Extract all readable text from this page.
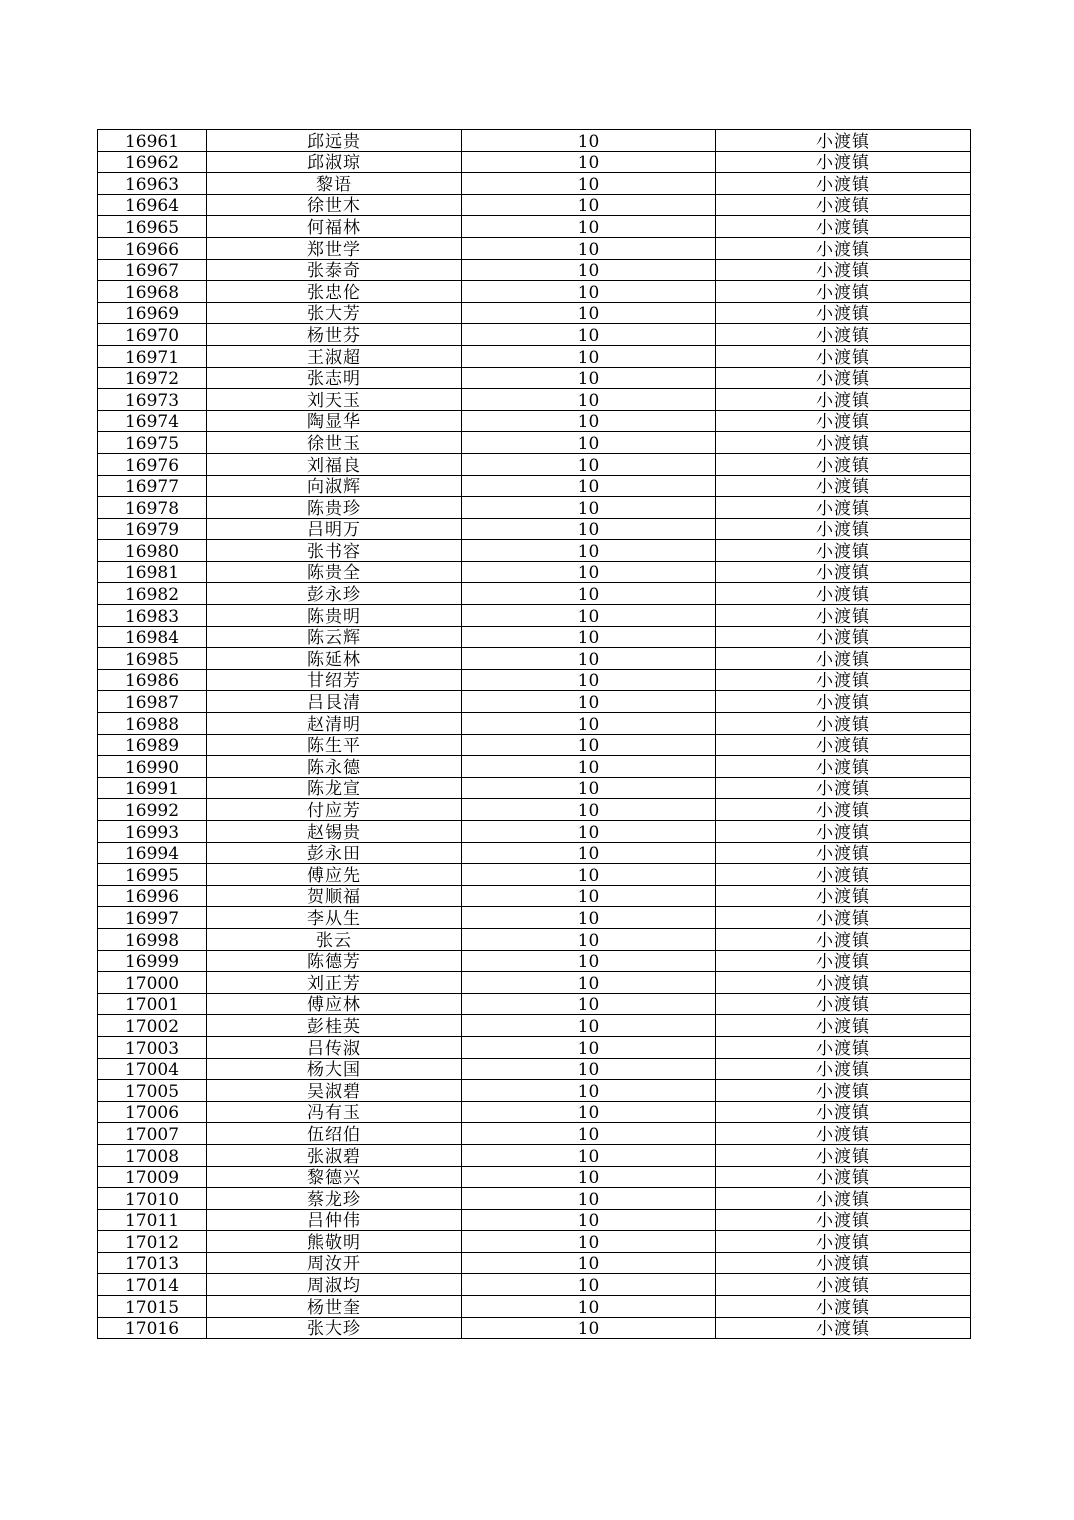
16961	邱远贵	10	小渡镇
16962	邱淑琼	10	小渡镇
16963	黎语	10	小渡镇
16964	徐世木	10	小渡镇
16965	何福林	10	小渡镇
16966	郑世学	10	小渡镇
16967	张泰奇	10	小渡镇
16968	张忠伦	10	小渡镇
16969	张大芳	10	小渡镇
16970	杨世芬	10	小渡镇
16971	王淑超	10	小渡镇
16972	张志明	10	小渡镇
16973	刘天玉	10	小渡镇
16974	陶显华	10	小渡镇
16975	徐世玉	10	小渡镇
16976	刘福良	10	小渡镇
16977	向淑辉	10	小渡镇
16978	陈贵珍	10	小渡镇
16979	吕明万	10	小渡镇
16980	张书容	10	小渡镇
16981	陈贵全	10	小渡镇
16982	彭永珍	10	小渡镇
16983	陈贵明	10	小渡镇
16984	陈云辉	10	小渡镇
16985	陈延林	10	小渡镇
16986	甘绍芳	10	小渡镇
16987	吕艮清	10	小渡镇
16988	赵清明	10	小渡镇
16989	陈生平	10	小渡镇
16990	陈永德	10	小渡镇
16991	陈龙宣	10	小渡镇
16992	付应芳	10	小渡镇
16993	赵锡贵	10	小渡镇
16994	彭永田	10	小渡镇
16995	傅应先	10	小渡镇
16996	贺顺福	10	小渡镇
16997	李从生	10	小渡镇
16998	张云	10	小渡镇
16999	陈德芳	10	小渡镇
17000	刘正芳	10	小渡镇
17001	傅应林	10	小渡镇
17002	彭桂英	10	小渡镇
17003	吕传淑	10	小渡镇
17004	杨大国	10	小渡镇
17005	吴淑碧	10	小渡镇
17006	冯有玉	10	小渡镇
17007	伍绍伯	10	小渡镇
17008	张淑碧	10	小渡镇
17009	黎德兴	10	小渡镇
17010	蔡龙珍	10	小渡镇
17011	吕仲伟	10	小渡镇
17012	熊敬明	10	小渡镇
17013	周汝开	10	小渡镇
17014	周淑均	10	小渡镇
17015	杨世奎	10	小渡镇
17016	张大珍	10	小渡镇
